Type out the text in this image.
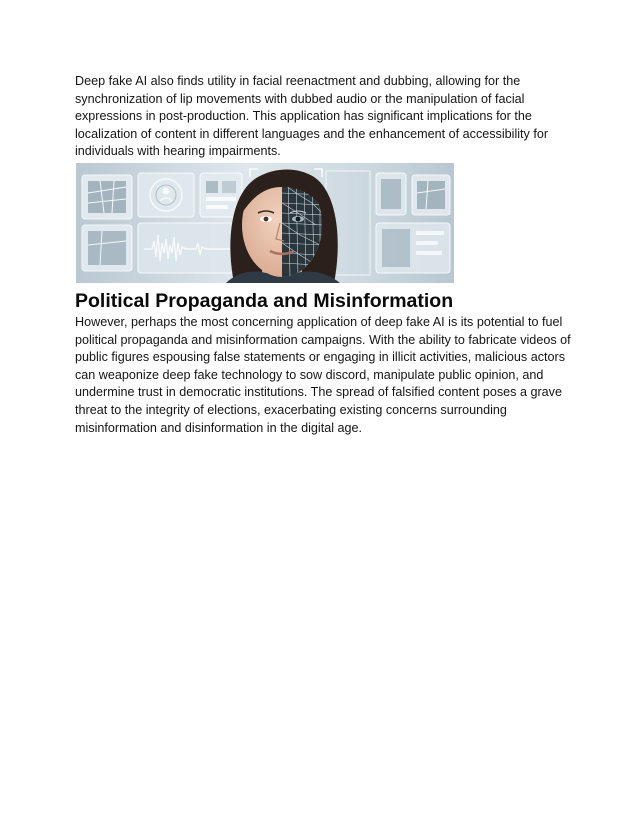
Deep fake AI also finds utility in facial reenactment and dubbing, allowing for the synchronization of lip movements with dubbed audio or the manipulation of facial expressions in post-production. This application has significant implications for the localization of content in different languages and the enhancement of accessibility for individuals with hearing impairments.

Political Propaganda and Misinformation

However, perhaps the most concerning application of deep fake AI is its potential to fuel political propaganda and misinformation campaigns. With the ability to fabricate videos of public figures espousing false statements or engaging in illicit activities, malicious actors can weaponize deep fake technology to sow discord, manipulate public opinion, and undermine trust in democratic institutions. The spread of falsified content poses a grave threat to the integrity of elections, exacerbating existing concerns surrounding misinformation and disinformation in the digital age.
